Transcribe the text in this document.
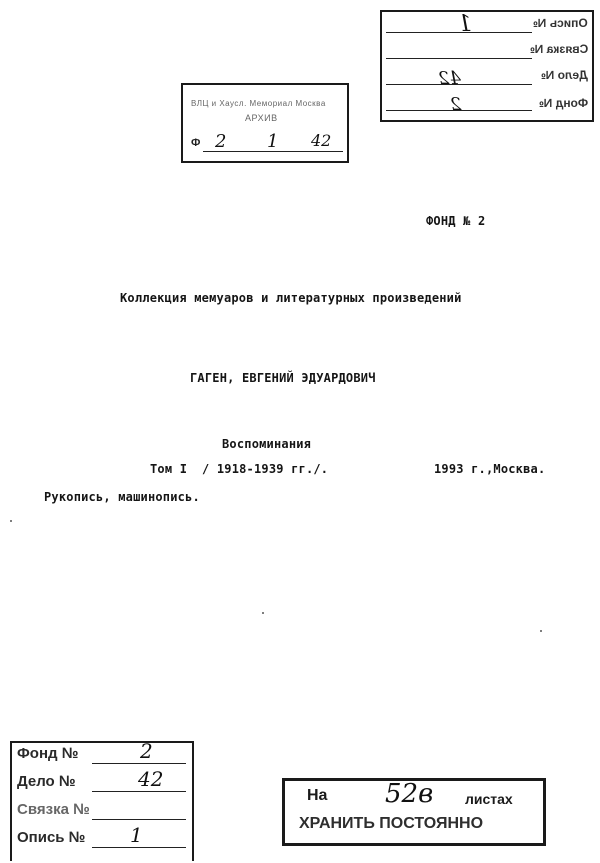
Опись №
Связка №
Дело №
Фонд №
1
42
2
ВЛЦ и Хаусл. Мемориал Москва
АРХИВ
Ф 2 1 42
ФОНД № 2
Коллекция мемуаров и литературных произведений
ГАГЕН, ЕВГЕНИЙ ЭДУАРДОВИЧ
Воспоминания
Том I / 1918-1939 гг./.	1993 г.,Москва.
Рукопись, машинопись.
Фонд №
Дело №
Связка №
Опись №
2
42
1
На 52в листах
ХРАНИТЬ ПОСТОЯННО
